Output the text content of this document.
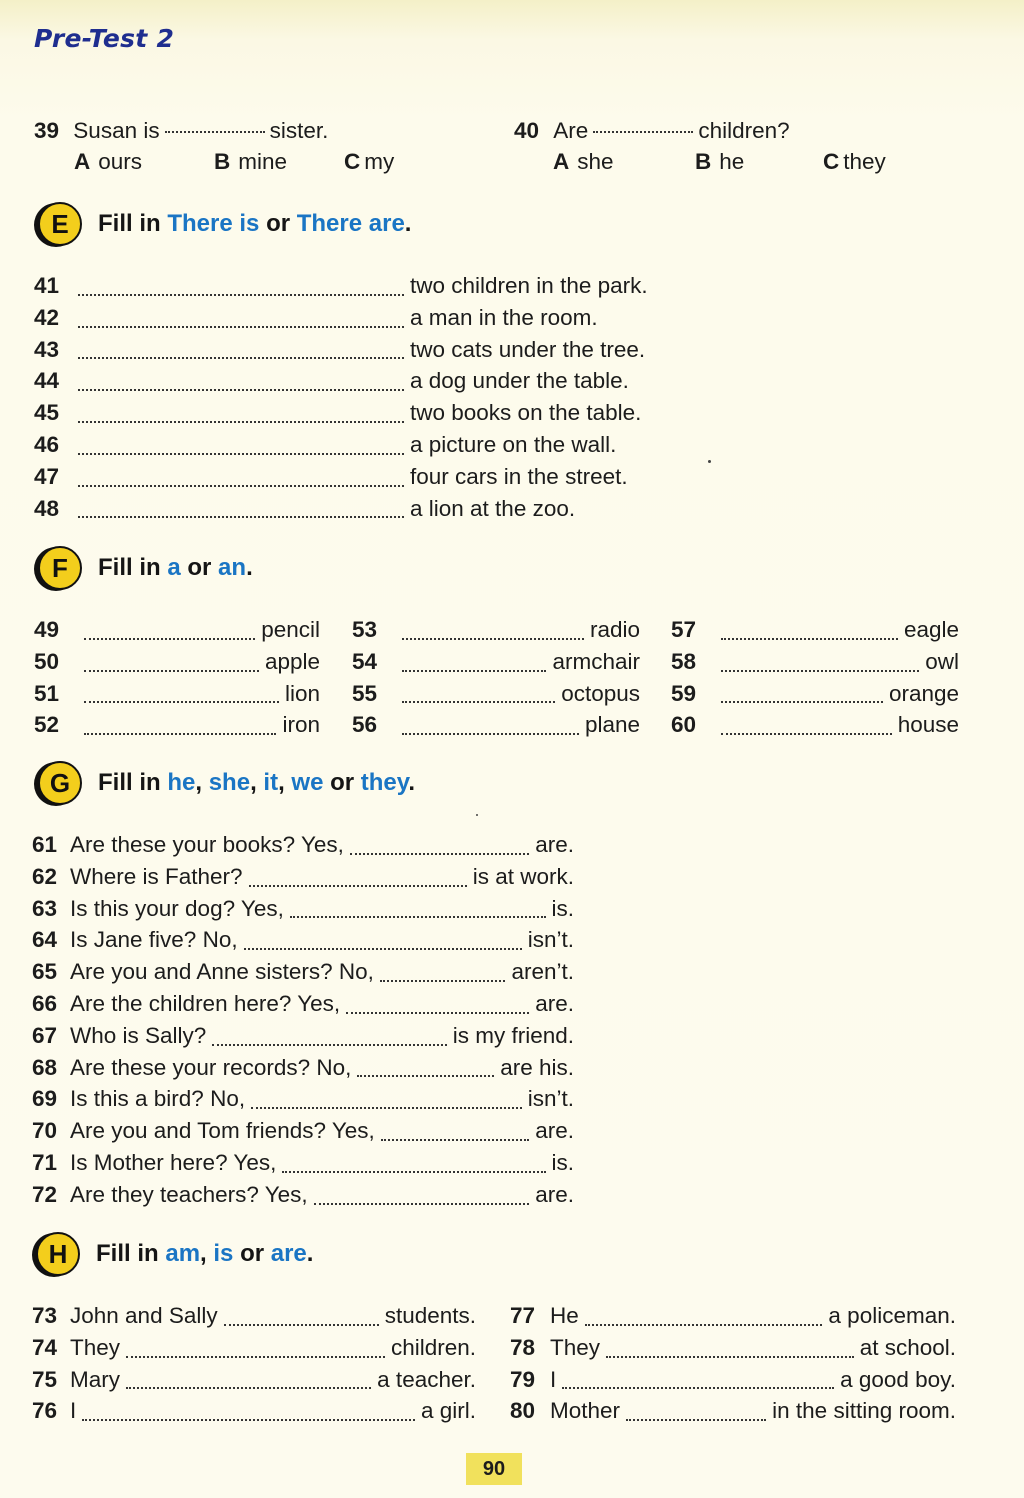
Pre-Test 2
39 Susan is	sister.
A ours	B mine	C my
40 Are	children?
A she	B he	C they
E	Fill in There is or There are.
41	two children in the park.
42	a man in the room.
43	two cats under the tree.
44	a dog under the table.
45	two books on the table.
46	a picture on the wall.
47	four cars in the street.
48	a lion at the zoo.
F	Fill in a or an.
49	pencil
50	apple
51	lion
52	iron
53	radio
54	armchair
55	octopus
56	plane
57	eagle
58	owl
59	orange
60	house
G	Fill in he, she, it, we or they.
61 Are these your books? Yes,	are.
62 Where is Father?	is at work.
63 Is this your dog? Yes,	is.
64 Is Jane five? No,	isn’t.
65 Are you and Anne sisters? No,	aren’t.
66 Are the children here? Yes,	are.
67 Who is Sally?	is my friend.
68 Are these your records? No,	are his.
69 Is this a bird? No,	isn’t.
70 Are you and Tom friends? Yes,	are.
71 Is Mother here? Yes,	is.
72 Are they teachers? Yes,	are.
H	Fill in am, is or are.
73 John and Sally	students.
74 They	children.
75 Mary	a teacher.
76 I	a girl.
77 He	a policeman.
78 They	at school.
79 I	a good boy.
80 Mother	in the sitting room.
90
